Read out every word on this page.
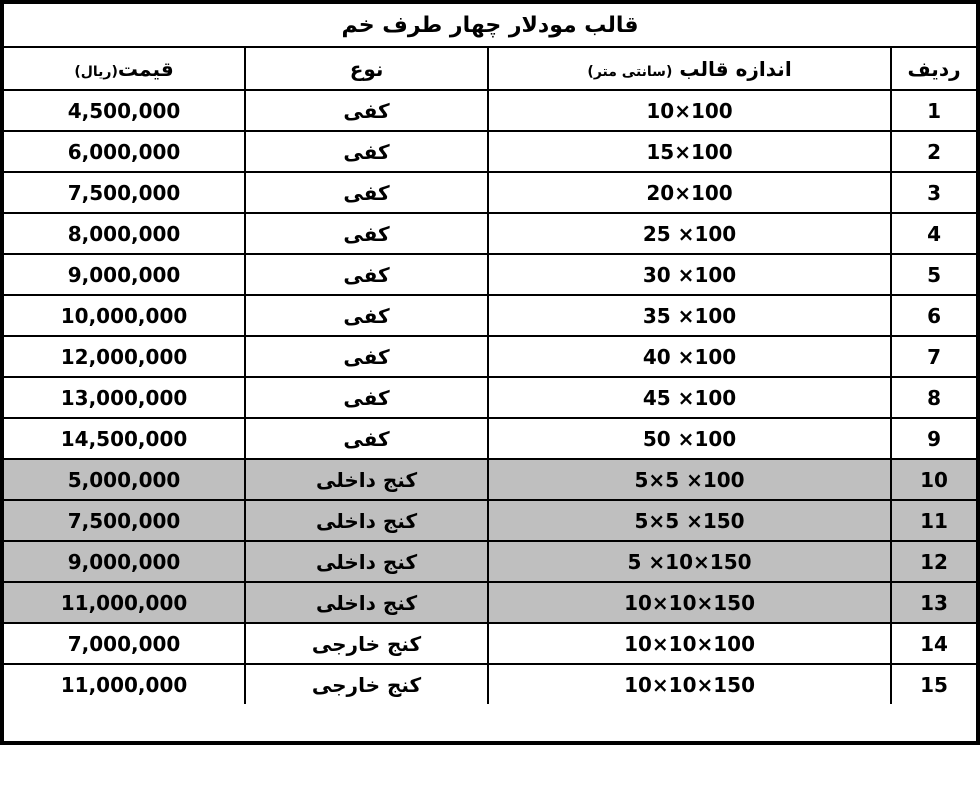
قالب مودلار چهار طرف خم			
ردیف	اندازه قالب (سانتی متر)	نوع	قیمت(ریال)
1	10×100	کفی	4,500,000
2	15×100	کفی	6,000,000
3	20×100	کفی	7,500,000
4	25 ×100	کفی	8,000,000
5	30 ×100	کفی	9,000,000
6	35 ×100	کفی	10,000,000
7	40 ×100	کفی	12,000,000
8	45 ×100	کفی	13,000,000
9	50 ×100	کفی	14,500,000
10	5×5 ×100	کنج داخلی	5,000,000
11	5×5 ×150	کنج داخلی	7,500,000
12	5 ×10×150	کنج داخلی	9,000,000
13	10×10×150	کنج داخلی	11,000,000
14	10×10×100	کنج خارجی	7,000,000
15	10×10×150	کنج خارجی	11,000,000
